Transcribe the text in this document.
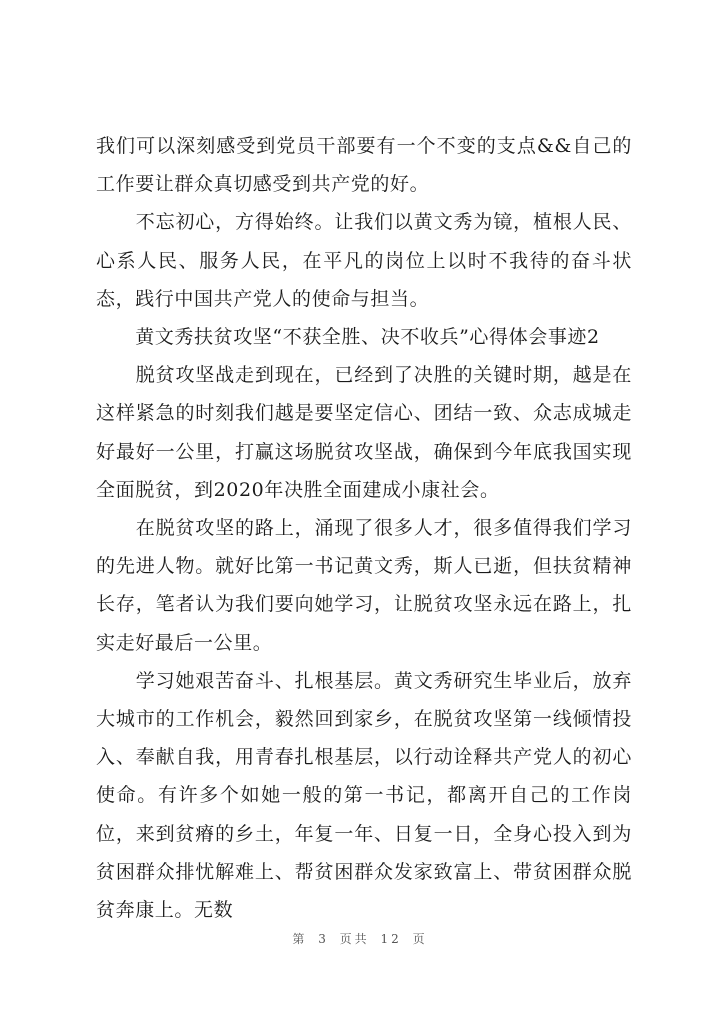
我们可以深刻感受到党员干部要有一个不变的支点&&自己的工作要让群众真切感受到共产党的好。

　　不忘初心，方得始终。让我们以黄文秀为镜，植根人民、心系人民、服务人民，在平凡的岗位上以时不我待的奋斗状态，践行中国共产党人的使命与担当。

　　黄文秀扶贫攻坚“不获全胜、决不收兵”心得体会事迹2

　　脱贫攻坚战走到现在，已经到了决胜的关键时期，越是在这样紧急的时刻我们越是要坚定信心、团结一致、众志成城走好最好一公里，打赢这场脱贫攻坚战，确保到今年底我国实现全面脱贫，到2020年决胜全面建成小康社会。

　　在脱贫攻坚的路上，涌现了很多人才，很多值得我们学习的先进人物。就好比第一书记黄文秀，斯人已逝，但扶贫精神长存，笔者认为我们要向她学习，让脱贫攻坚永远在路上，扎实走好最后一公里。

　　学习她艰苦奋斗、扎根基层。黄文秀研究生毕业后，放弃大城市的工作机会，毅然回到家乡，在脱贫攻坚第一线倾情投入、奉献自我，用青春扎根基层，以行动诠释共产党人的初心使命。有许多个如她一般的第一书记，都离开自己的工作岗位，来到贫瘠的乡土，年复一年、日复一日，全身心投入到为贫困群众排忧解难上、帮贫困群众发家致富上、带贫困群众脱贫奔康上。无数

第 3 页共 12 页
